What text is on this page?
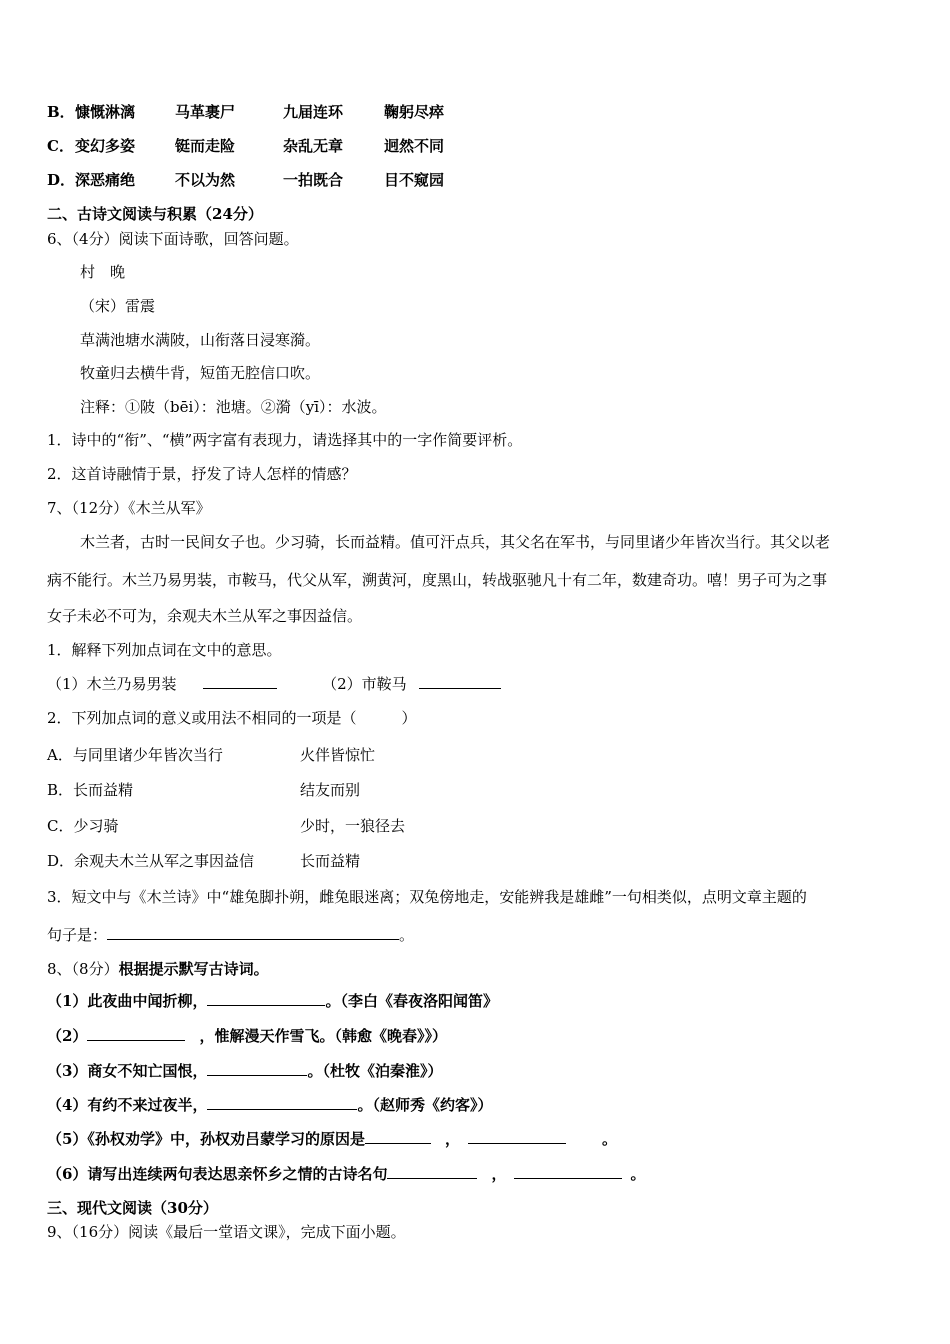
B．慷慨淋漓	马革裹尸	九届连环	鞠躬尽瘁
C．变幻多姿	铤而走险	杂乱无章	迥然不同
D．深恶痛绝	不以为然	一拍既合	目不窥园
二、古诗文阅读与积累（24分）
6、（4分）阅读下面诗歌，回答问题。
村　晚
（宋）雷震
草满池塘水满陂，山衔落日浸寒漪。
牧童归去横牛背，短笛无腔信口吹。
注释：①陂（bēi）：池塘。②漪（yī）：水波。
1．诗中的“衔”、“横”两字富有表现力，请选择其中的一字作简要评析。
2．这首诗融情于景，抒发了诗人怎样的情感？
7、（12分）《木兰从军》
木兰者，古时一民间女子也。少习骑，长而益精。值可汗点兵，其父名在军书，与同里诸少年皆次当行。其父以老
病不能行。木兰乃易男装，市鞍马，代父从军，溯黄河，度黑山，转战驱驰凡十有二年，数建奇功。嘻！男子可为之事
女子未必不可为，余观夫木兰从军之事因益信。
1．解释下列加点词在文中的意思。
（1）木兰乃易男装	（2）市鞍马
2．下列加点词的意义或用法不相同的一项是（　　　）
A．与同里诸少年皆次当行	火伴皆惊忙
B．长而益精	结友而别
C．少习骑	少时，一狼径去
D．余观夫木兰从军之事因益信	长而益精
3．短文中与《木兰诗》中“雄兔脚扑朔，雌兔眼迷离；双兔傍地走，安能辨我是雄雌”一句相类似，点明文章主题的
句子是：	。
8、（8分）根据提示默写古诗词。
（1）此夜曲中闻折柳，	。（李白《春夜洛阳闻笛》
（2）	，惟解漫天作雪飞。（韩愈《晚春》》）
（3）商女不知亡国恨，	。（杜牧《泊秦淮》）
（4）有约不来过夜半，	。（赵师秀《约客》）
（5）《孙权劝学》中，孙权劝吕蒙学习的原因是	，	。
（6）请写出连续两句表达思亲怀乡之情的古诗名句	，	。
三、现代文阅读（30分）
9、（16分）阅读《最后一堂语文课》，完成下面小题。
